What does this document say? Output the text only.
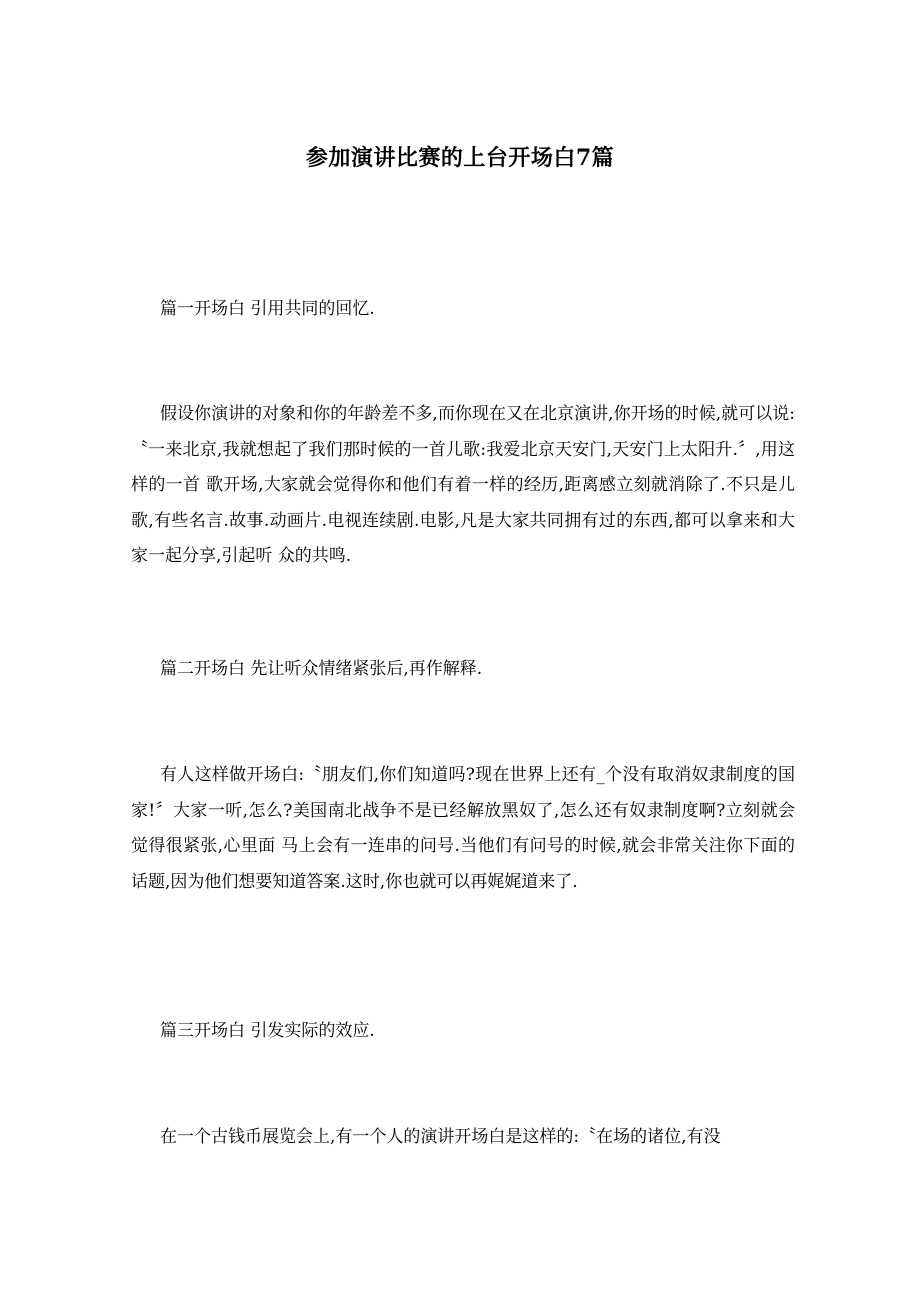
参加演讲比赛的上台开场白7篇
篇一开场白 引用共同的回忆.
假设你演讲的对象和你的年龄差不多,而你现在又在北京演讲,你开场的时候,就可以说:〝一来北京,我就想起了我们那时候的一首儿歌:我爱北京天安门,天安门上太阳升.〞,用这样的一首 歌开场,大家就会觉得你和他们有着一样的经历,距离感立刻就消除了.不只是儿歌,有些名言.故事.动画片.电视连续剧.电影,凡是大家共同拥有过的东西,都可以拿来和大家一起分享,引起听 众的共鸣.
篇二开场白 先让听众情绪紧张后,再作解释.
有人这样做开场白:〝朋友们,你们知道吗?现在世界上还有_个没有取消奴隶制度的国家!〞大家一听,怎么?美国南北战争不是已经解放黑奴了,怎么还有奴隶制度啊?立刻就会觉得很紧张,心里面 马上会有一连串的问号.当他们有问号的时候,就会非常关注你下面的话题,因为他们想要知道答案.这时,你也就可以再娓娓道来了.
篇三开场白 引发实际的效应.
在一个古钱币展览会上,有一个人的演讲开场白是这样的:〝在场的诸位,有没
